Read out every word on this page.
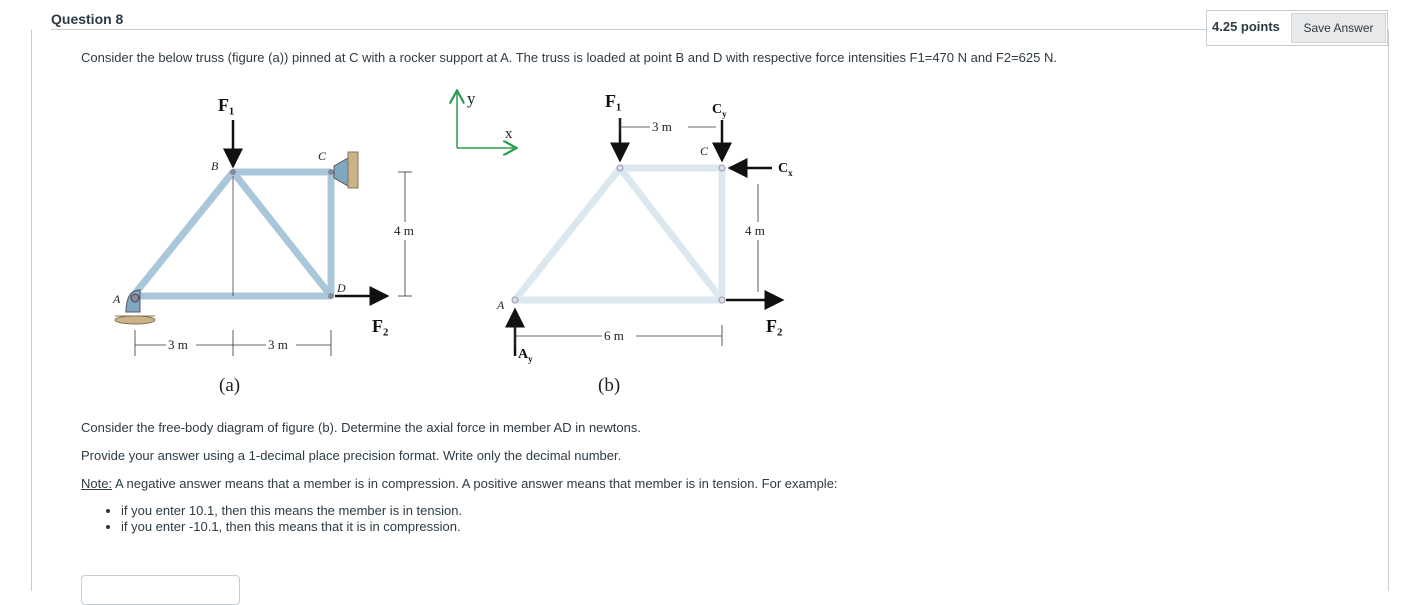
Question 8	4.25 points	Save Answer
Consider the below truss (figure (a)) pinned at C with a rocker support at A. The truss is loaded at point B and D with respective force intensities F1=470 N and F2=625 N.
F₁
B
C
A
D
F₂
4 m
3 m	3 m
(a)
y
x
F₁
3 m
$C_y$
C
$C_x$
F₂
4 m
A
$A_y$
6 m
(b)
Consider the free-body diagram of figure (b). Determine the axial force in member AD in newtons.
Provide your answer using a 1-decimal place precision format. Write only the decimal number.
Note: A negative answer means that a member is in compression. A positive answer means that member is in tension. For example:
• if you enter 10.1, then this means the member is in tension.
• if you enter -10.1, then this means that it is in compression.
